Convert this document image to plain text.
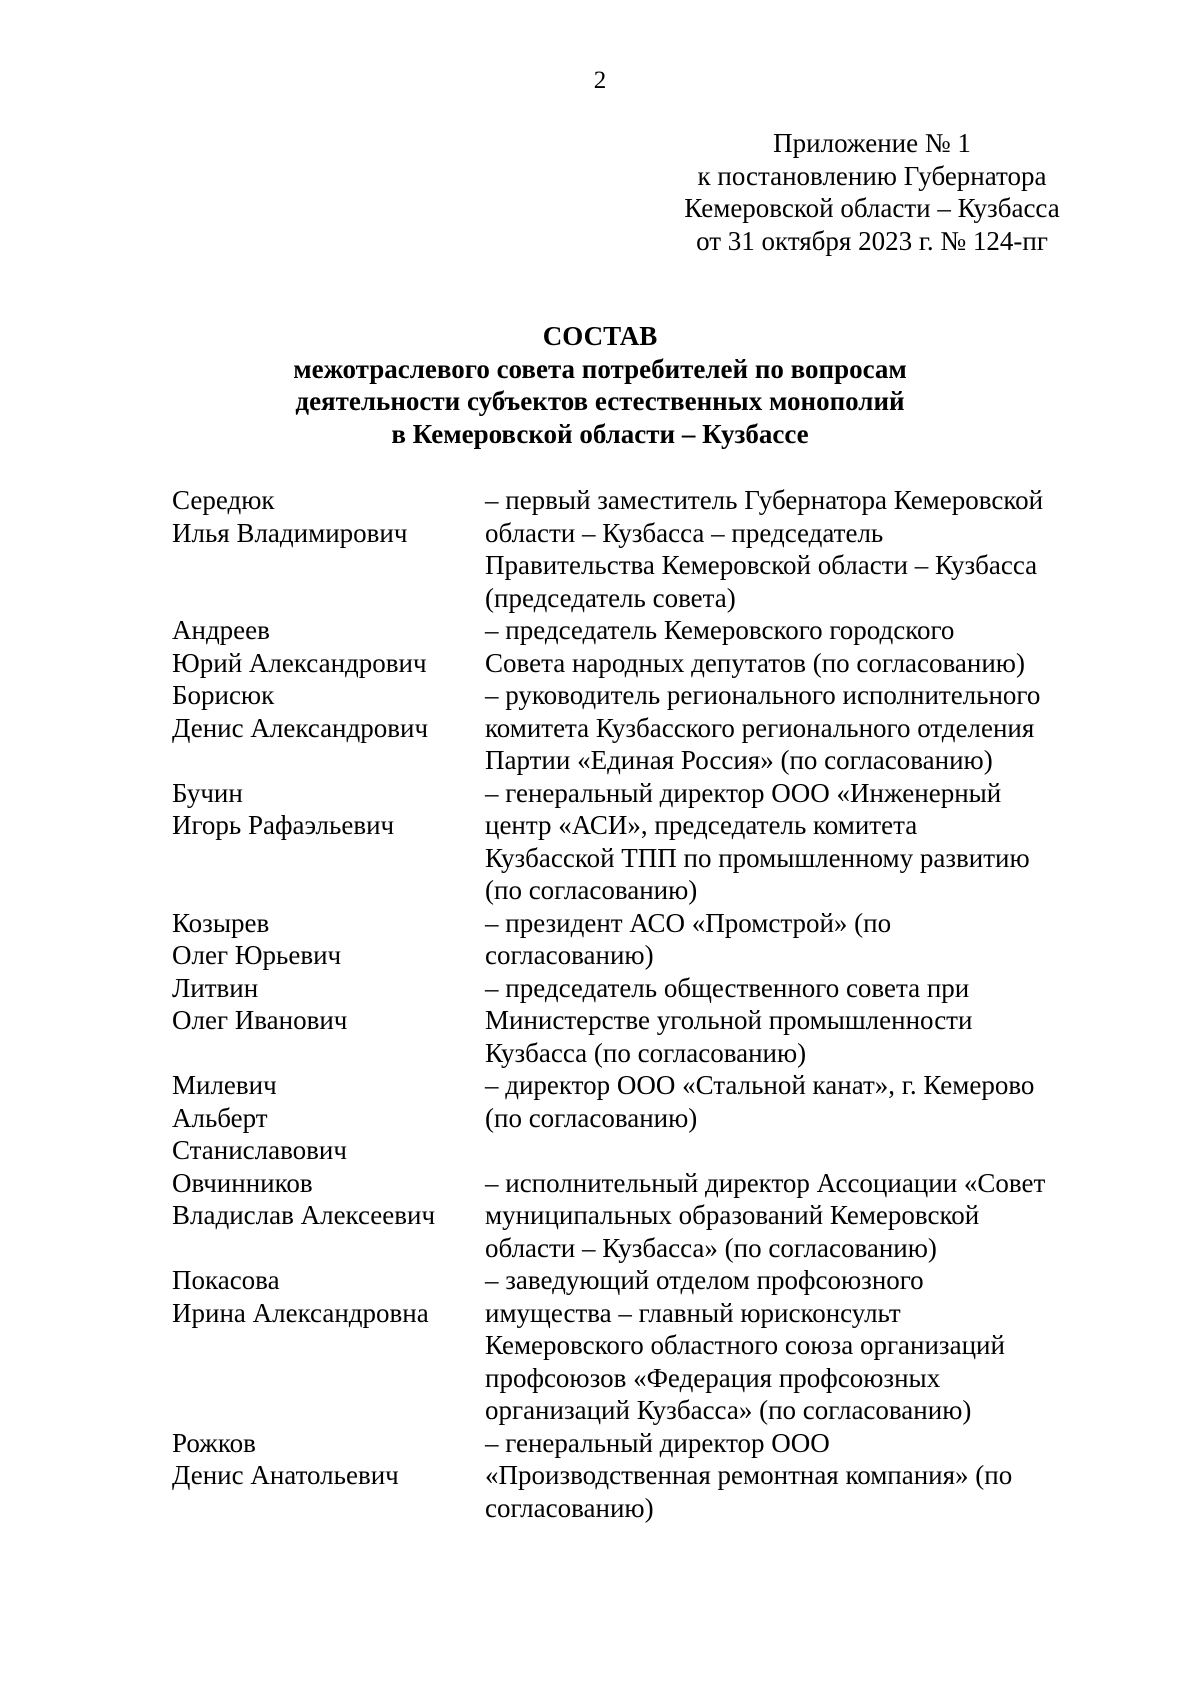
2
Приложение № 1
к постановлению Губернатора
Кемеровской области – Кузбасса
от 31 октября 2023 г. № 124-пг
СОСТАВ
межотраслевого совета потребителей по вопросам
деятельности субъектов естественных монополий
в Кемеровской области – Кузбассе
Середюк
Илья Владимирович
– первый заместитель Губернатора Кемеровской
области – Кузбасса – председатель
Правительства Кемеровской области – Кузбасса
(председатель совета)
Андреев
Юрий Александрович
– председатель Кемеровского городского
Совета народных депутатов (по согласованию)
Борисюк
Денис Александрович
– руководитель регионального исполнительного
комитета Кузбасского регионального отделения
Партии «Единая Россия» (по согласованию)
Бучин
Игорь Рафаэльевич
– генеральный директор ООО «Инженерный
центр «АСИ», председатель комитета
Кузбасской ТПП по промышленному развитию
(по согласованию)
Козырев
Олег Юрьевич
– президент АСО «Промстрой» (по
согласованию)
Литвин
Олег Иванович
– председатель общественного совета при
Министерстве угольной промышленности
Кузбасса (по согласованию)
Милевич
Альберт
Станиславович
– директор ООО «Стальной канат», г. Кемерово
(по согласованию)
Овчинников
Владислав Алексеевич
– исполнительный директор Ассоциации «Совет
муниципальных образований Кемеровской
области – Кузбасса» (по согласованию)
Покасова
Ирина Александровна
– заведующий отделом профсоюзного
имущества – главный юрисконсульт
Кемеровского областного союза организаций
профсоюзов «Федерация профсоюзных
организаций Кузбасса» (по согласованию)
Рожков
Денис Анатольевич
– генеральный директор ООО
«Производственная ремонтная компания» (по
согласованию)
